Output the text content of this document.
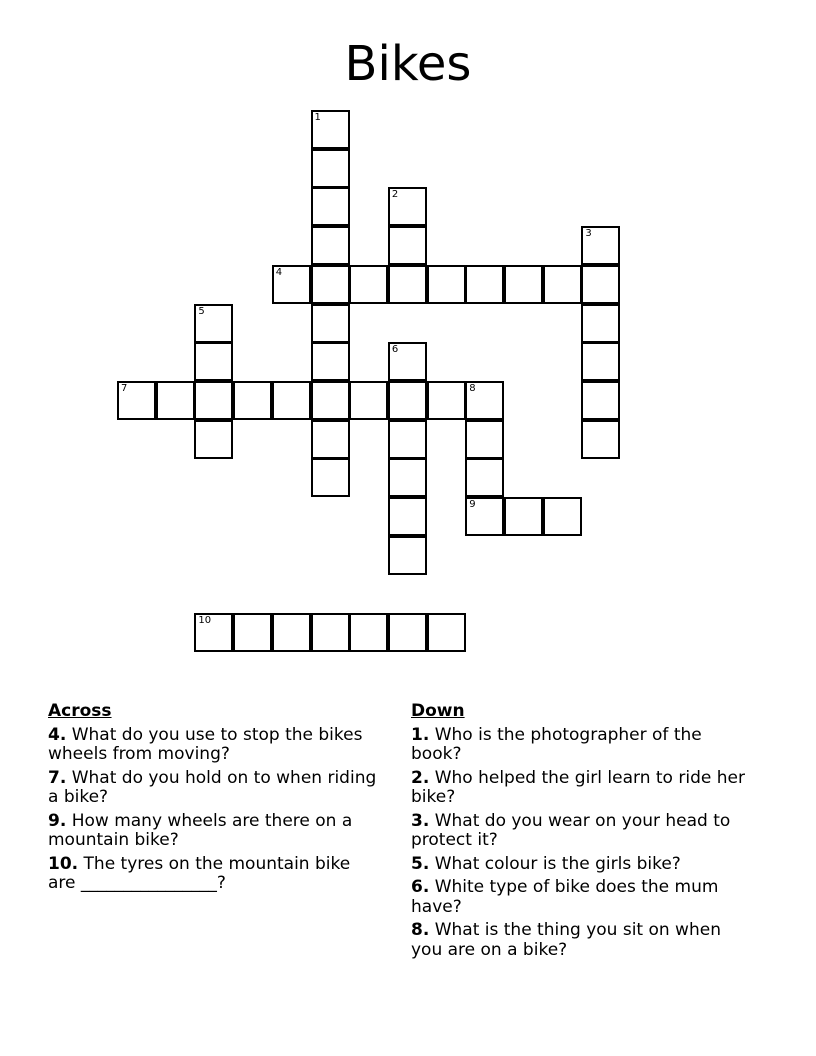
Bikes
1
2
3
4
5
6
7	8
9
10
Across
4. What do you use to stop the bikes wheels from moving?
7. What do you hold on to when riding a bike?
9. How many wheels are there on a mountain bike?
10. The tyres on the mountain bike are ________________?
Down
1. Who is the photographer of the book?
2. Who helped the girl learn to ride her bike?
3. What do you wear on your head to protect it?
5. What colour is the girls bike?
6. White type of bike does the mum have?
8. What is the thing you sit on when you are on a bike?
